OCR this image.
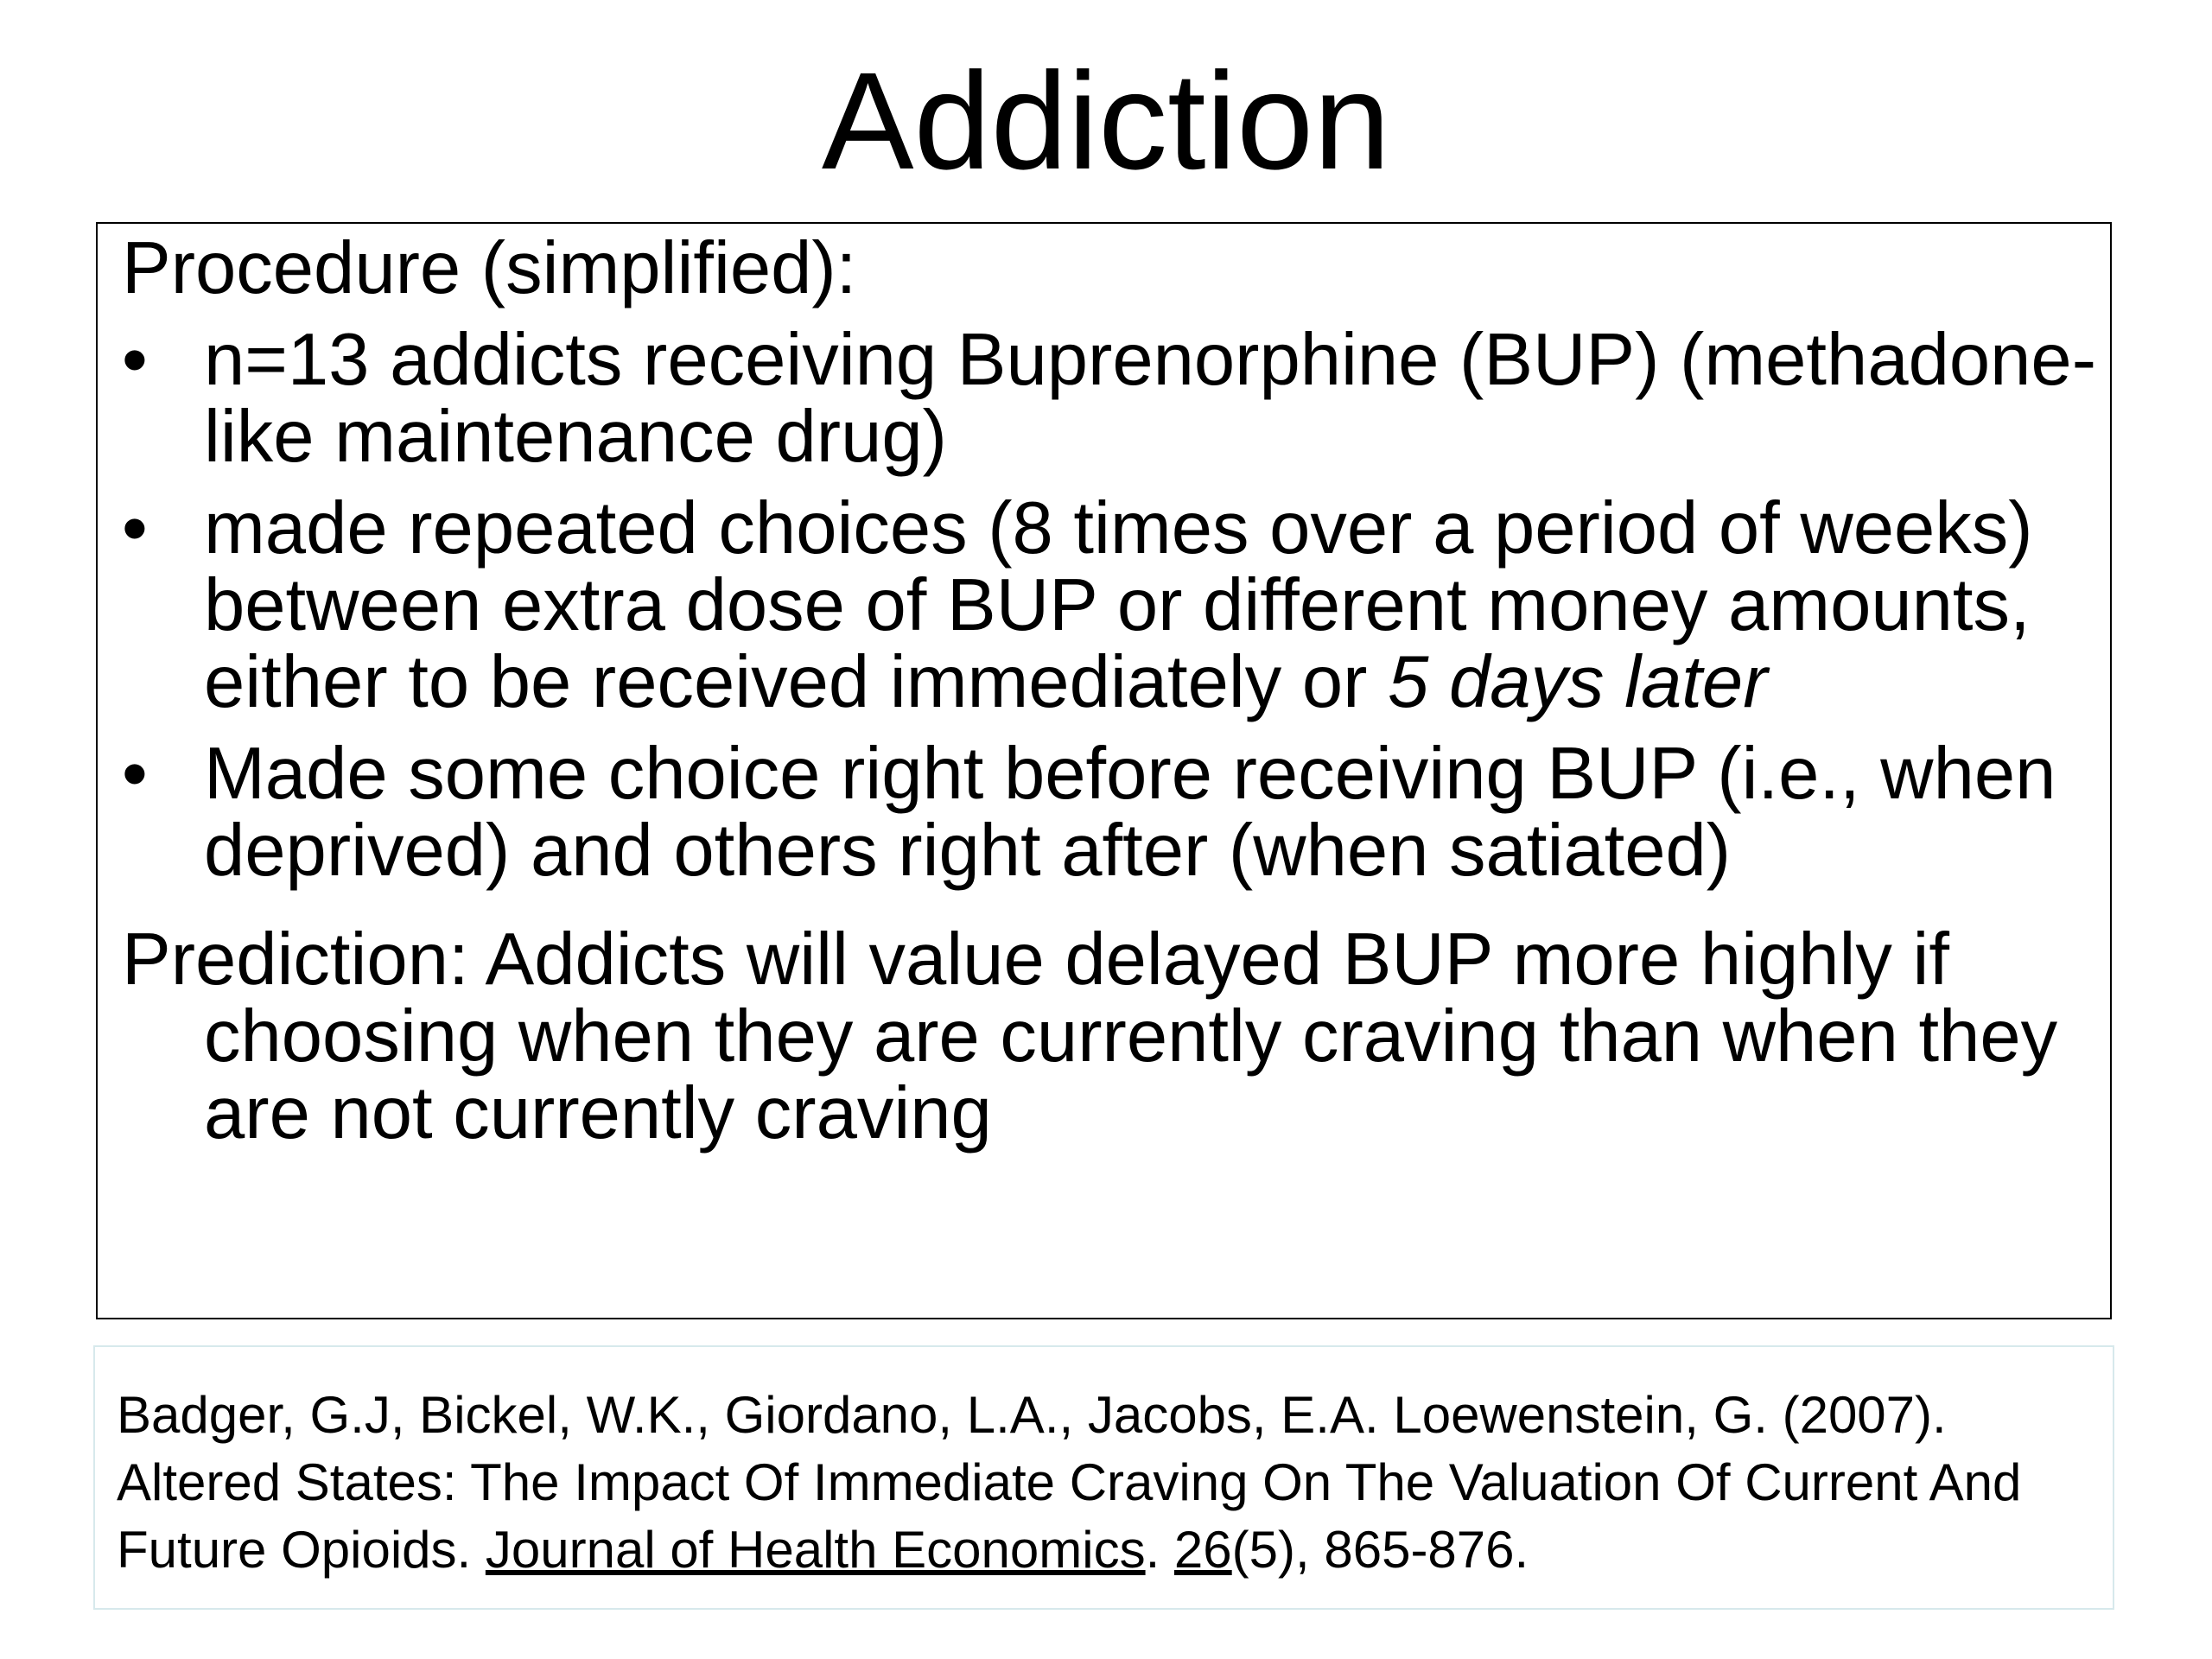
Addiction

Procedure (simplified):

• n=13 addicts receiving Buprenorphine (BUP) (methadone-like maintenance drug)
• made repeated choices (8 times over a period of weeks) between extra dose of BUP or different money amounts, either to be received immediately or 5 days later
• Made some choice right before receiving BUP (i.e., when deprived) and others right after (when satiated)

Prediction: Addicts will value delayed BUP more highly if choosing when they are currently craving than when they are not currently craving

Badger, G.J, Bickel, W.K., Giordano, L.A., Jacobs, E.A. Loewenstein, G. (2007). Altered States: The Impact Of Immediate Craving On The Valuation Of Current And Future Opioids. Journal of Health Economics. 26(5), 865-876.
